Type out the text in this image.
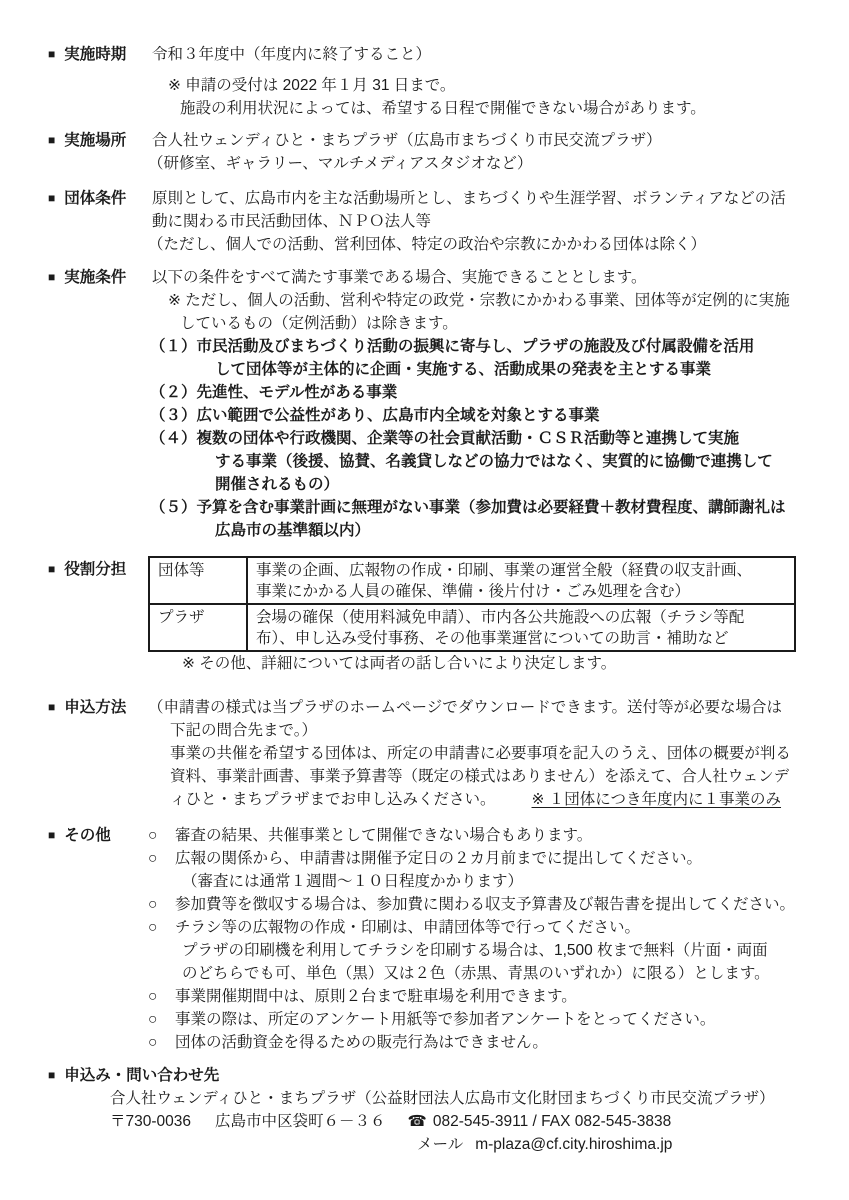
■ 実施時期 令和３年度中（年度内に終了すること）
※ 申請の受付は 2022 年１月 31 日まで。
施設の利用状況によっては、希望する日程で開催できない場合があります。
■ 実施場所 合人社ウェンディひと・まちプラザ（広島市まちづくり市民交流プラザ）
（研修室、ギャラリー、マルチメディアスタジオなど）
■ 団体条件 原則として、広島市内を主な活動場所とし、まちづくりや生涯学習、ボランティアなどの活
動に関わる市民活動団体、ＮＰＯ法人等
（ただし、個人での活動、営利団体、特定の政治や宗教にかかわる団体は除く）
■ 実施条件 以下の条件をすべて満たす事業である場合、実施できることとします。
※ ただし、個人の活動、営利や特定の政党・宗教にかかわる事業、団体等が定例的に実施
しているもの（定例活動）は除きます。
（１）市民活動及びまちづくり活動の振興に寄与し、プラザの施設及び付属設備を活用
して団体等が主体的に企画・実施する、活動成果の発表を主とする事業
（２）先進性、モデル性がある事業
（３）広い範囲で公益性があり、広島市内全域を対象とする事業
（４）複数の団体や行政機関、企業等の社会貢献活動・ＣＳＲ活動等と連携して実施
する事業（後援、協賛、名義貸しなどの協力ではなく、実質的に協働で連携して
開催されるもの）
（５）予算を含む事業計画に無理がない事業（参加費は必要経費＋教材費程度、講師謝礼は
広島市の基準額以内）
■ 役割分担 団体等	事業の企画、広報物の作成・印刷、事業の運営全般（経費の収支計画、
事業にかかる人員の確保、準備・後片付け・ごみ処理を含む）

プラザ	会場の確保（使用料減免申請）、市内各公共施設への広報（チラシ等配
布）、申し込み受付事務、その他事業運営についての助言・補助など
※ その他、詳細については両者の話し合いにより決定します。
■ 申込方法 （申請書の様式は当プラザのホームページでダウンロードできます。送付等が必要な場合は
下記の問合先まで。）
事業の共催を希望する団体は、所定の申請書に必要事項を記入のうえ、団体の概要が判る
資料、事業計画書、事業予算書等（既定の様式はありません）を添えて、合人社ウェンデ
ィひと・まちプラザまでお申し込みください。 ※ １団体につき年度内に１事業のみ
■ その他 ○	審査の結果、共催事業として開催できない場合もあります。
○	広報の関係から、申請書は開催予定日の２カ月前までに提出してください。
（審査には通常１週間～１０日程度かかります）
○	参加費等を徴収する場合は、参加費に関わる収支予算書及び報告書を提出してください。
○	チラシ等の広報物の作成・印刷は、申請団体等で行ってください。
プラザの印刷機を利用してチラシを印刷する場合は、1,500 枚まで無料（片面・両面
のどちらでも可、単色（黒）又は２色（赤黒、青黒のいずれか）に限る）とします。
○	事業開催期間中は、原則２台まで駐車場を利用できます。
○	事業の際は、所定のアンケート用紙等で参加者アンケートをとってください。
○	団体の活動資金を得るための販売行為はできません。
■ 申込み・問い合わせ先
合人社ウェンディひと・まちプラザ（公益財団法人広島市文化財団まちづくり市民交流プラザ）
〒730-0036 広島市中区袋町６－３６ ☎ 082-545-3911 / FAX 082-545-3838
メール m-plaza@cf.city.hiroshima.jp
